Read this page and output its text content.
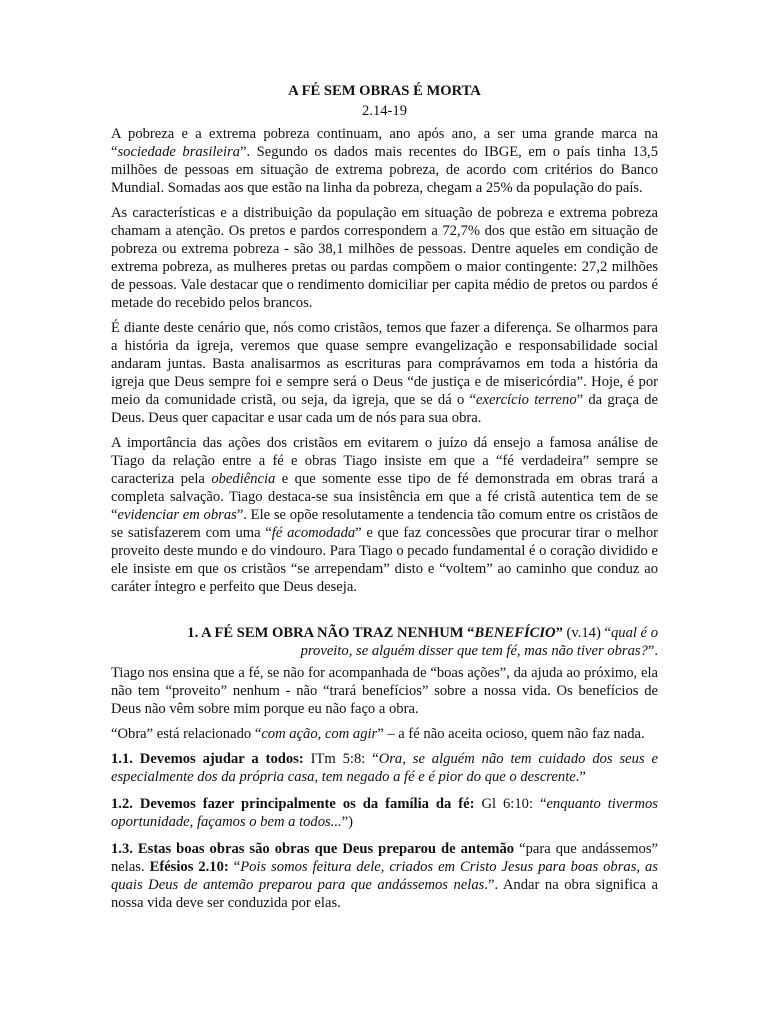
A FÉ SEM OBRAS É MORTA
2.14-19

A pobreza e a extrema pobreza continuam, ano após ano, a ser uma grande marca na “sociedade brasileira”. Segundo os dados mais recentes do IBGE, em o país tinha 13,5 milhões de pessoas em situação de extrema pobreza, de acordo com critérios do Banco Mundial. Somadas aos que estão na linha da pobreza, chegam a 25% da população do país.

As características e a distribuição da população em situação de pobreza e extrema pobreza chamam a atenção. Os pretos e pardos correspondem a 72,7% dos que estão em situação de pobreza ou extrema pobreza - são 38,1 milhões de pessoas. Dentre aqueles em condição de extrema pobreza, as mulheres pretas ou pardas compõem o maior contingente: 27,2 milhões de pessoas. Vale destacar que o rendimento domiciliar per capita médio de pretos ou pardos é metade do recebido pelos brancos.

É diante deste cenário que, nós como cristãos, temos que fazer a diferença. Se olharmos para a história da igreja, veremos que quase sempre evangelização e responsabilidade social andaram juntas. Basta analisarmos as escrituras para comprávamos em toda a história da igreja que Deus sempre foi e sempre será o Deus “de justiça e de misericórdia”. Hoje, é por meio da comunidade cristã, ou seja, da igreja, que se dá o “exercício terreno” da graça de Deus. Deus quer capacitar e usar cada um de nós para sua obra.

A importância das ações dos cristãos em evitarem o juízo dá ensejo a famosa análise de Tiago da relação entre a fé e obras Tiago insiste em que a “fé verdadeira” sempre se caracteriza pela obediência e que somente esse tipo de fé demonstrada em obras trará a completa salvação. Tiago destaca-se sua insistência em que a fé cristã autentica tem de se “evidenciar em obras”. Ele se opõe resolutamente a tendencia tão comum entre os cristãos de se satisfazerem com uma “fé acomodada” e que faz concessões que procurar tirar o melhor proveito deste mundo e do vindouro. Para Tiago o pecado fundamental é o coração dividido e ele insiste em que os cristãos “se arrependam” disto e “voltem” ao caminho que conduz ao caráter íntegro e perfeito que Deus deseja.

1. A FÉ SEM OBRA NÃO TRAZ NENHUM “BENEFÍCIO” (v.14) “qual é o
proveito, se alguém disser que tem fé, mas não tiver obras?”.

Tiago nos ensina que a fé, se não for acompanhada de “boas ações”, da ajuda ao próximo, ela não tem “proveito” nenhum - não “trará benefícios” sobre a nossa vida. Os benefícios de Deus não vêm sobre mim porque eu não faço a obra.

“Obra” está relacionado “com ação, com agir” – a fé não aceita ocioso, quem não faz nada.

1.1. Devemos ajudar a todos: ITm 5:8: “Ora, se alguém não tem cuidado dos seus e especialmente dos da própria casa, tem negado a fé e é pior do que o descrente.”

1.2. Devemos fazer principalmente os da família da fé: Gl 6:10: “enquanto tivermos oportunidade, façamos o bem a todos...”)

1.3. Estas boas obras são obras que Deus preparou de antemão “para que andássemos” nelas. Efésios 2.10: “Pois somos feitura dele, criados em Cristo Jesus para boas obras, as quais Deus de antemão preparou para que andássemos nelas.”. Andar na obra significa a nossa vida deve ser conduzida por elas.
